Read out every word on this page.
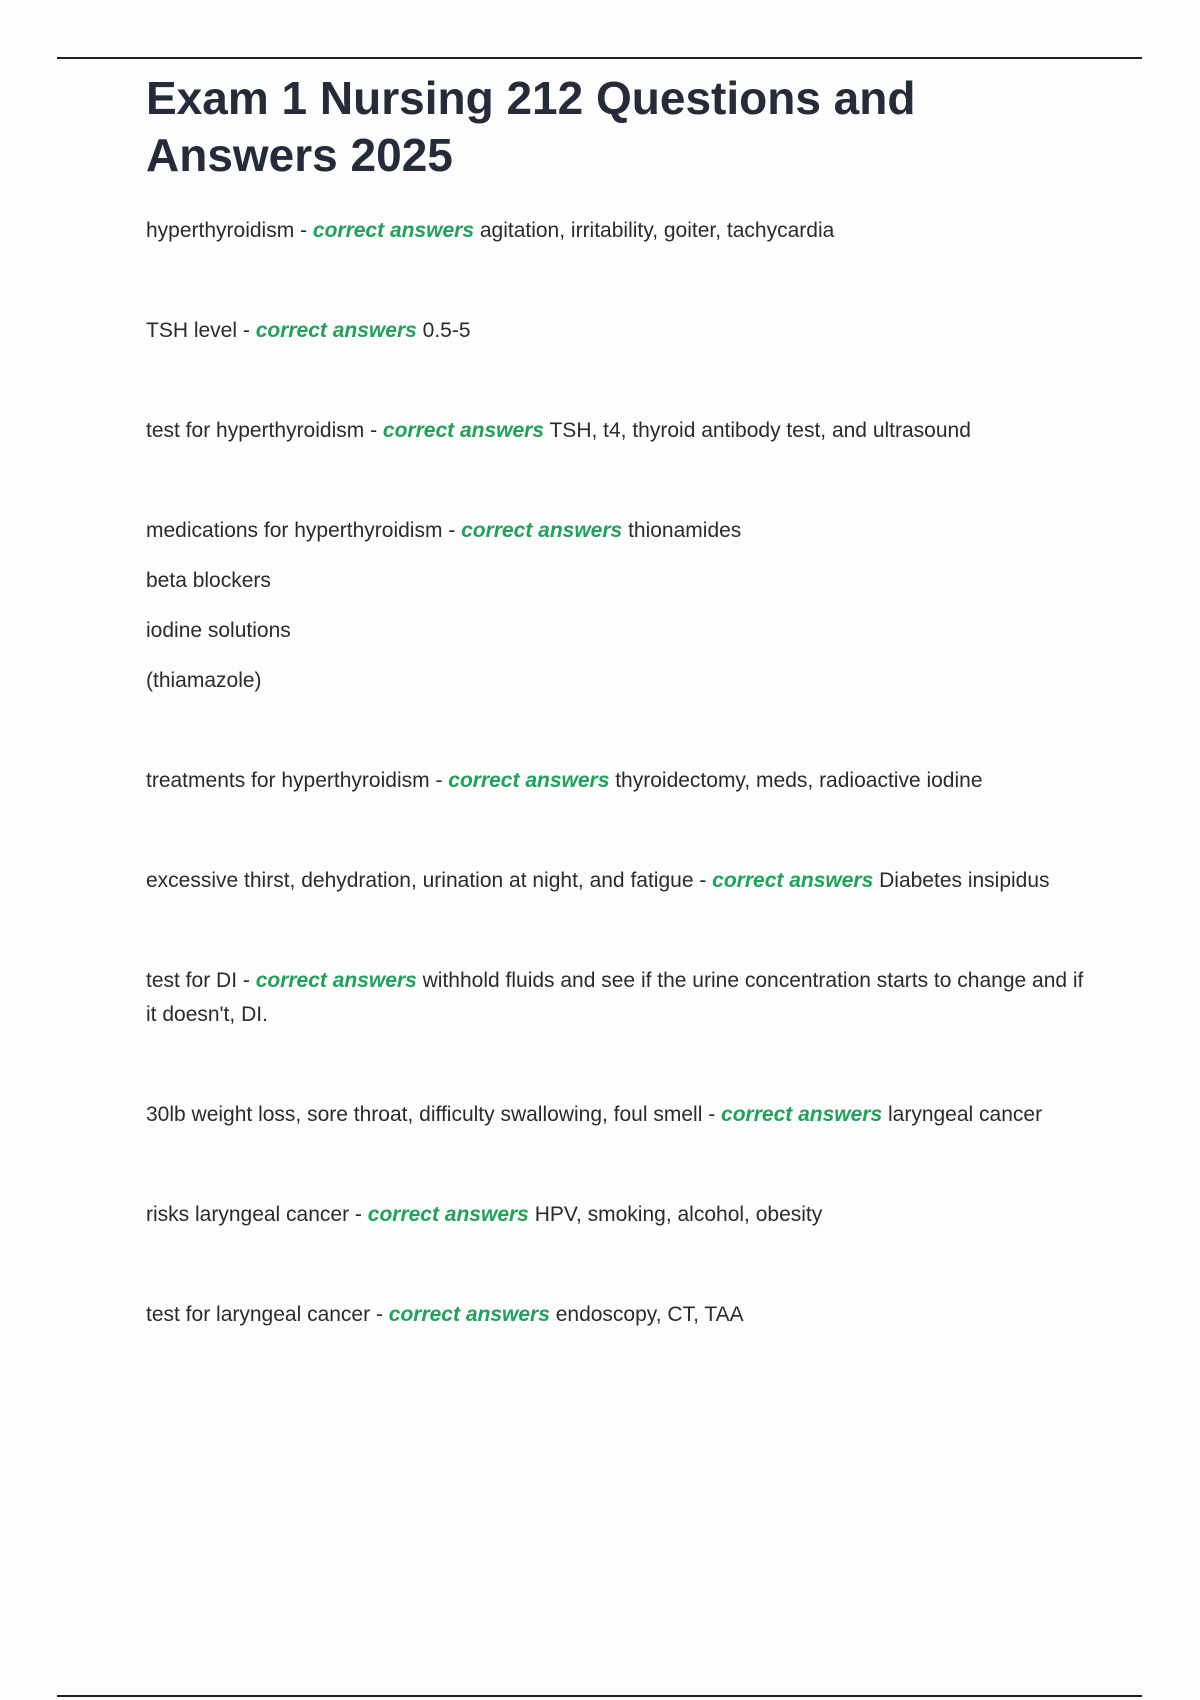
Exam 1 Nursing 212 Questions and Answers 2025
hyperthyroidism - correct answers agitation, irritability, goiter, tachycardia
TSH level - correct answers 0.5-5
test for hyperthyroidism - correct answers TSH, t4, thyroid antibody test, and ultrasound
medications for hyperthyroidism - correct answers thionamides
beta blockers
iodine solutions
(thiamazole)
treatments for hyperthyroidism - correct answers thyroidectomy, meds, radioactive iodine
excessive thirst, dehydration, urination at night, and fatigue - correct answers Diabetes insipidus
test for DI - correct answers withhold fluids and see if the urine concentration starts to change and if it doesn't, DI.
30lb weight loss, sore throat, difficulty swallowing, foul smell - correct answers laryngeal cancer
risks laryngeal cancer - correct answers HPV, smoking, alcohol, obesity
test for laryngeal cancer - correct answers endoscopy, CT, TAA
